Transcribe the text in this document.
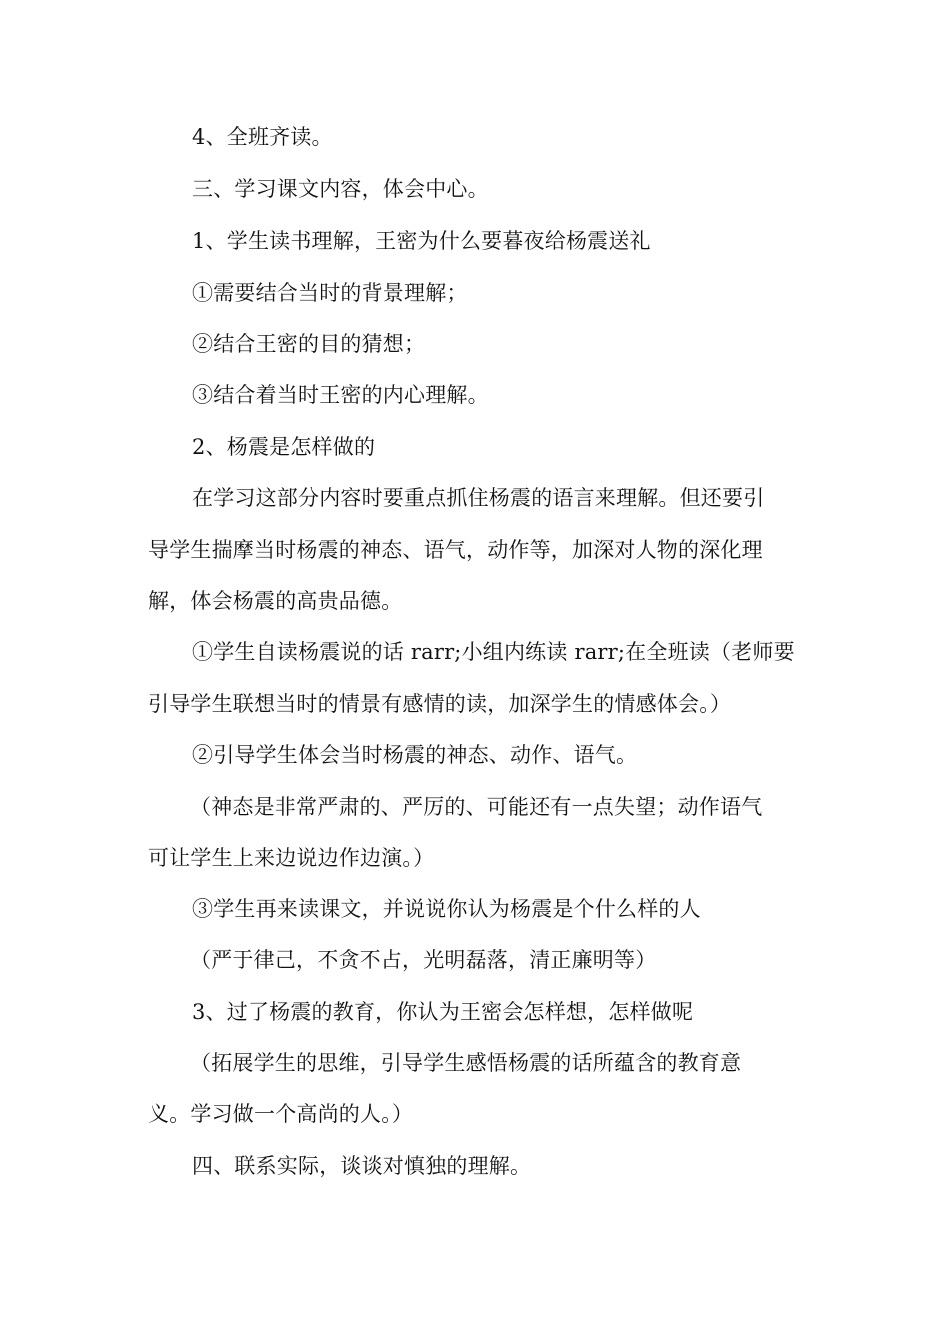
4、全班齐读。
三、学习课文内容，体会中心。
1、学生读书理解，王密为什么要暮夜给杨震送礼
①需要结合当时的背景理解；
②结合王密的目的猜想；
③结合着当时王密的内心理解。
2、杨震是怎样做的
在学习这部分内容时要重点抓住杨震的语言来理解。但还要引
导学生揣摩当时杨震的神态、语气，动作等，加深对人物的深化理
解，体会杨震的高贵品德。
①学生自读杨震说的话 rarr;小组内练读 rarr;在全班读（老师要
引导学生联想当时的情景有感情的读，加深学生的情感体会。）
②引导学生体会当时杨震的神态、动作、语气。
（神态是非常严肃的、严厉的、可能还有一点失望；动作语气
可让学生上来边说边作边演。）
③学生再来读课文，并说说你认为杨震是个什么样的人
（严于律己，不贪不占，光明磊落，清正廉明等）
3、过了杨震的教育，你认为王密会怎样想，怎样做呢
（拓展学生的思维，引导学生感悟杨震的话所蕴含的教育意
义。学习做一个高尚的人。）
四、联系实际，谈谈对慎独的理解。
